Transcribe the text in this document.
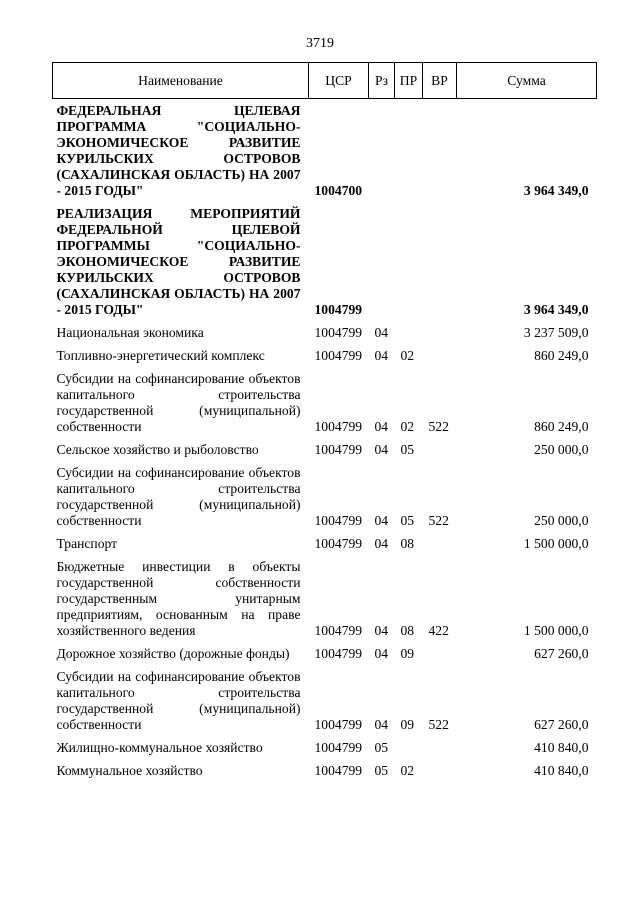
3719
Наименование	ЦСР	Рз	ПР	ВР	Сумма
ФЕДЕРАЛЬНАЯ ЦЕЛЕВАЯ ПРОГРАММА "СОЦИАЛЬНО-ЭКОНОМИЧЕСКОЕ РАЗВИТИЕ КУРИЛЬСКИХ ОСТРОВОВ (САХАЛИНСКАЯ ОБЛАСТЬ) НА 2007 - 2015 ГОДЫ"	1004700				3 964 349,0
РЕАЛИЗАЦИЯ МЕРОПРИЯТИЙ ФЕДЕРАЛЬНОЙ ЦЕЛЕВОЙ ПРОГРАММЫ "СОЦИАЛЬНО-ЭКОНОМИЧЕСКОЕ РАЗВИТИЕ КУРИЛЬСКИХ ОСТРОВОВ (САХАЛИНСКАЯ ОБЛАСТЬ) НА 2007 - 2015 ГОДЫ"	1004799				3 964 349,0
Национальная экономика	1004799	04			3 237 509,0
Топливно-энергетический комплекс	1004799	04	02		860 249,0
Субсидии на софинансирование объектов капитального строительства государственной (муниципальной) собственности	1004799	04	02	522	860 249,0
Сельское хозяйство и рыболовство	1004799	04	05		250 000,0
Субсидии на софинансирование объектов капитального строительства государственной (муниципальной) собственности	1004799	04	05	522	250 000,0
Транспорт	1004799	04	08		1 500 000,0
Бюджетные инвестиции в объекты государственной собственности государственным унитарным предприятиям, основанным на праве хозяйственного ведения	1004799	04	08	422	1 500 000,0
Дорожное хозяйство (дорожные фонды)	1004799	04	09		627 260,0
Субсидии на софинансирование объектов капитального строительства государственной (муниципальной) собственности	1004799	04	09	522	627 260,0
Жилищно-коммунальное хозяйство	1004799	05			410 840,0
Коммунальное хозяйство	1004799	05	02		410 840,0
